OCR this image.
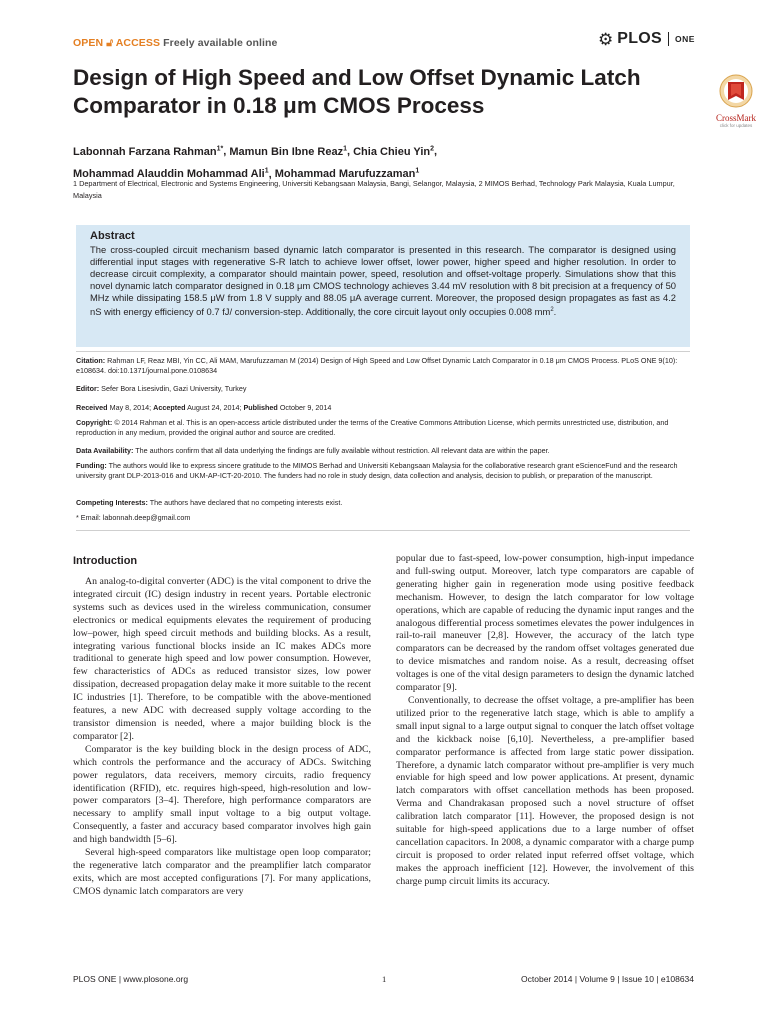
OPEN 🔓︎ ACCESS Freely available online	⚙ PLOS ONE
Design of High Speed and Low Offset Dynamic Latch Comparator in 0.18 μm CMOS Process	CrossMark
click for updates
Labonnah Farzana Rahman$^{1*}$, Mamun Bin Ibne Reaz$^1$, Chia Chieu Yin$^2$,
Mohammad Alauddin Mohammad Ali$^1$, Mohammad Marufuzzaman$^1$
1 Department of Electrical, Electronic and Systems Engineering, Universiti Kebangsaan Malaysia, Bangi, Selangor, Malaysia, 2 MIMOS Berhad, Technology Park Malaysia, Kuala Lumpur, Malaysia
Abstract
The cross-coupled circuit mechanism based dynamic latch comparator is presented in this research. The comparator is designed using differential input stages with regenerative S-R latch to achieve lower offset, lower power, higher speed and higher resolution. In order to decrease circuit complexity, a comparator should maintain power, speed, resolution and offset-voltage properly. Simulations show that this novel dynamic latch comparator designed in 0.18 μm CMOS technology achieves 3.44 mV resolution with 8 bit precision at a frequency of 50 MHz while dissipating 158.5 μW from 1.8 V supply and 88.05 μA average current. Moreover, the proposed design propagates as fast as 4.2 nS with energy efficiency of 0.7 fJ/ conversion-step. Additionally, the core circuit layout only occupies 0.008 $mm^2$.
Citation: Rahman LF, Reaz MBI, Yin CC, Ali MAM, Marufuzzaman M (2014) Design of High Speed and Low Offset Dynamic Latch Comparator in 0.18 μm CMOS Process. PLoS ONE 9(10): e108634. doi:10.1371/journal.pone.0108634
Editor: Sefer Bora Lisesivdin, Gazi University, Turkey
Received May 8, 2014; Accepted August 24, 2014; Published October 9, 2014
Copyright: © 2014 Rahman et al. This is an open-access article distributed under the terms of the Creative Commons Attribution License, which permits unrestricted use, distribution, and reproduction in any medium, provided the original author and source are credited.
Data Availability: The authors confirm that all data underlying the findings are fully available without restriction. All relevant data are within the paper.
Funding: The authors would like to express sincere gratitude to the MIMOS Berhad and Universiti Kebangsaan Malaysia for the collaborative research grant eScienceFund and the research university grant DLP-2013-016 and UKM-AP-ICT-20-2010. The funders had no role in study design, data collection and analysis, decision to publish, or preparation of the manuscript.
Competing Interests: The authors have declared that no competing interests exist.
* Email: labonnah.deep@gmail.com
Introduction

An analog-to-digital converter (ADC) is the vital component to drive the integrated circuit (IC) design industry in recent years. Portable electronic systems such as devices used in the wireless communication, consumer electronics or medical equipments elevates the requirement of producing low–power, high speed circuit methods and building blocks. As a result, integrating various functional blocks inside an IC makes ADCs more traditional to generate high speed and low power consumption. However, few characteristics of ADCs as reduced transistor sizes, low power dissipation, decreased propagation delay make it more suitable to the recent IC industries [1]. Therefore, to be compatible with the above-mentioned features, a new ADC with decreased supply voltage according to the transistor dimension is needed, where a major building block is the comparator [2].

Comparator is the key building block in the design process of ADC, which controls the performance and the accuracy of ADCs. Switching power regulators, data receivers, memory circuits, radio frequency identification (RFID), etc. requires high-speed, high-resolution and low-power comparators [3–4]. Therefore, high performance comparators are necessary to amplify small input voltage to a big output voltage. Consequently, a faster and accuracy based comparator involves high gain and high bandwidth [5–6].

Several high-speed comparators like multistage open loop comparator; the regenerative latch comparator and the preamplifier latch comparator exits, which are most accepted configurations [7]. For many applications, CMOS dynamic latch comparators are very

popular due to fast-speed, low-power consumption, high-input impedance and full-swing output. Moreover, latch type comparators are capable of generating higher gain in regeneration mode using positive feedback mechanism. However, to design the latch comparator for low voltage operations, which are capable of reducing the dynamic input ranges and the analogous differential process sometimes elevates the power indulgences in rail-to-rail maneuver [2,8]. However, the accuracy of the latch type comparators can be decreased by the random offset voltages generated due to device mismatches and random noise. As a result, decreasing offset voltages is one of the vital design parameters to design the dynamic latched comparator [9].

Conventionally, to decrease the offset voltage, a pre-amplifier has been utilized prior to the regenerative latch stage, which is able to amplify a small input signal to a large output signal to conquer the latch offset voltage and the kickback noise [6,10]. Nevertheless, a pre-amplifier based comparator performance is affected from large static power dissipation. Therefore, a dynamic latch comparator without pre-amplifier is very much enviable for high speed and low power applications. At present, dynamic latch comparators with offset cancellation methods has been proposed. Verma and Chandrakasan proposed such a novel structure of offset calibration latch comparator [11]. However, the proposed design is not suitable for high-speed applications due to a large number of offset cancellation capacitors. In 2008, a dynamic comparator with a charge pump circuit is proposed to order related input referred offset voltage, which makes the approach inefficient [12]. However, the involvement of this charge pump circuit limits its accuracy.

PLOS ONE | www.plosone.org	1	October 2014 | Volume 9 | Issue 10 | e108634
